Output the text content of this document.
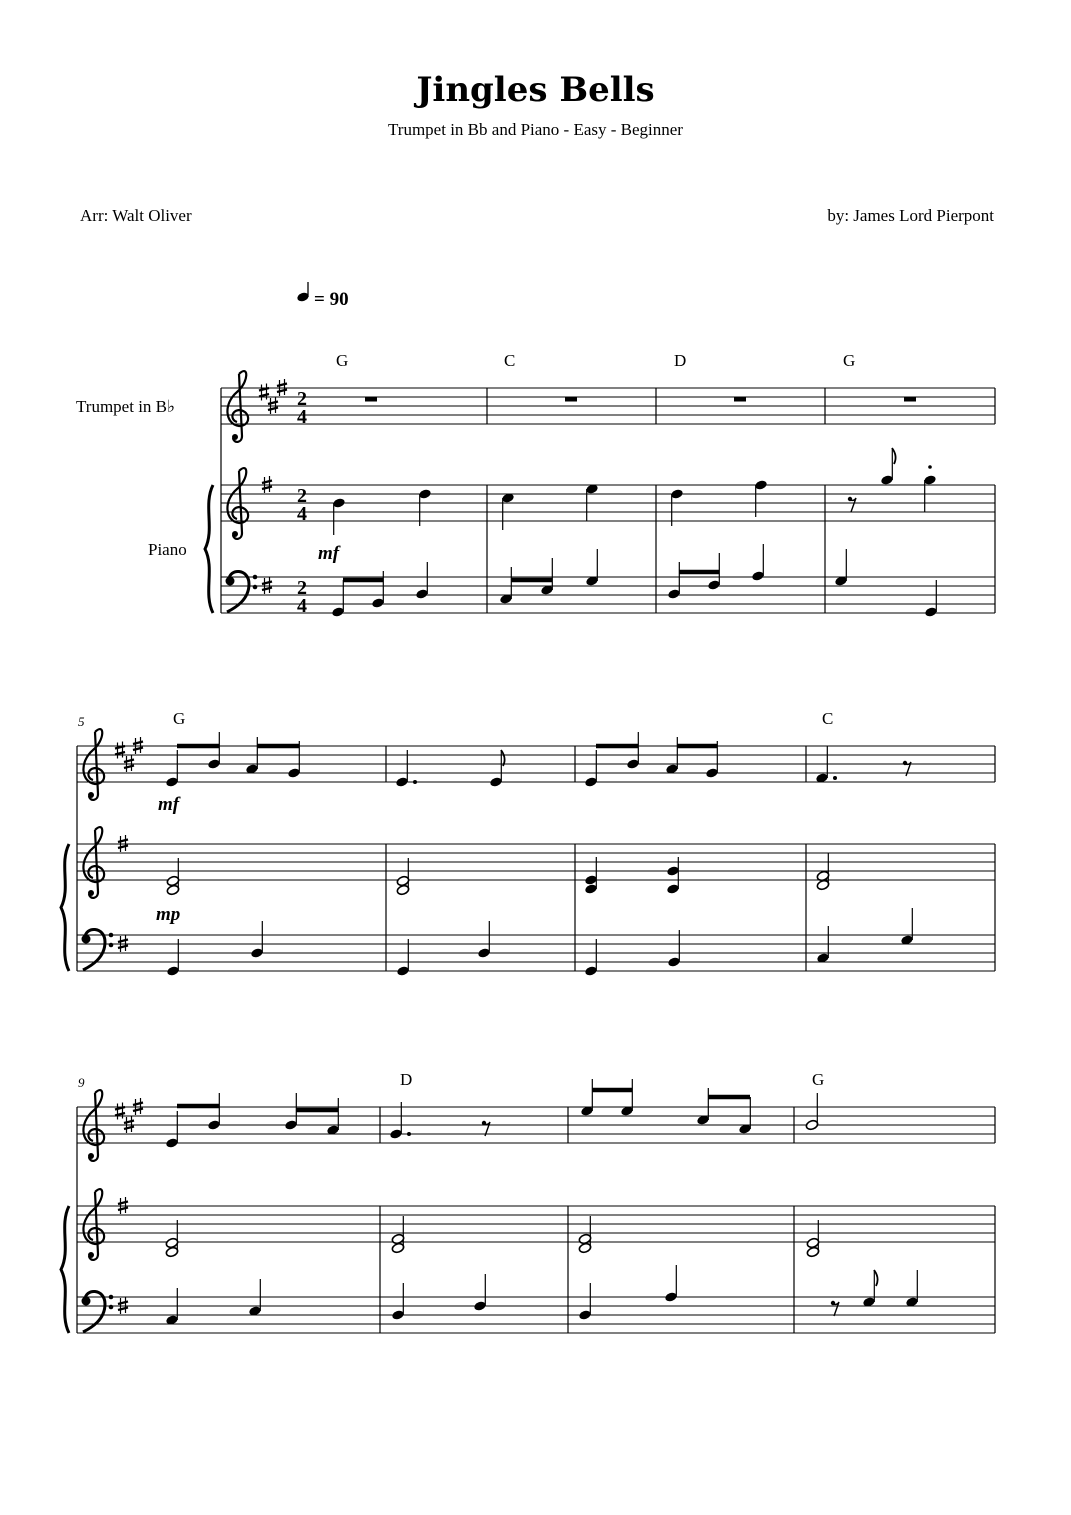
Jingles Bells
Trumpet in Bb and Piano - Easy - Beginner
Arr: Walt Oliver	by: James Lord Pierpont
= 90
Trumpet in B♭
Piano
G	C	D	G
2
4
2
4
2
4
G	C
5
D	G
9
mf
mf
mp
